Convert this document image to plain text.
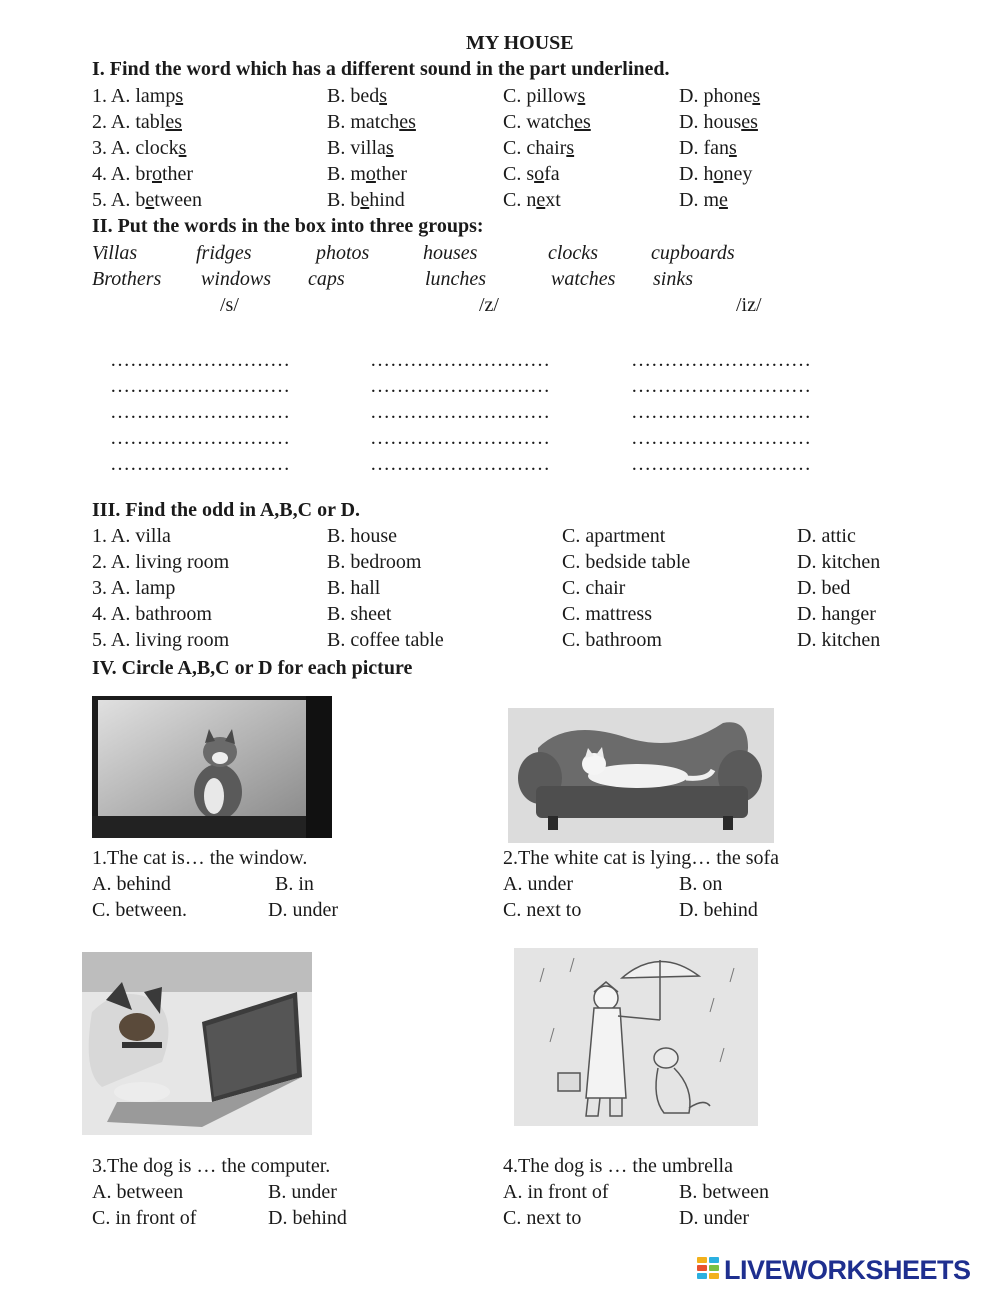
MY HOUSE
I. Find the word which has a different sound in the part underlined.
1. A. lamps	B. beds	C. pillows	D. phones
2. A. tables	B. matches	C. watches	D. houses
3. A. clocks	B. villas	C. chairs	D. fans
4. A. brother	B. mother	C. sofa	D. honey
5. A. between	B. behind	C. next	D. me
II. Put the words in the box into three groups:
Villas	fridges	photos	houses	clocks	cupboards
Brothers windows caps	lunches	watches sinks
/s/	/z/	/iz/
………………………	………………………	………………………
………………………	………………………	………………………
………………………	………………………	………………………
………………………	………………………	………………………
………………………	………………………	………………………
III. Find the odd in A,B,C or D.
1. A. villa	B. house	C. apartment	D. attic
2. A. living room	B. bedroom	C. bedside table	D. kitchen
3. A. lamp	B. hall	C. chair	D. bed
4. A. bathroom	B. sheet	C. mattress	D. hanger
5. A. living room	B. coffee table	C. bathroom	D. kitchen
IV. Circle A,B,C or D for each picture
1.The cat is… the window.
A. behind	B. in
C. between.	D. under
2.The white cat is lying… the sofa
A. under	B. on
C. next to	D. behind
3.The dog is … the computer.
A. between	B. under
C. in front of	D. behind
4.The dog is … the umbrella
A. in front of	B. between
C. next to	D. under
LIVEWORKSHEETS
